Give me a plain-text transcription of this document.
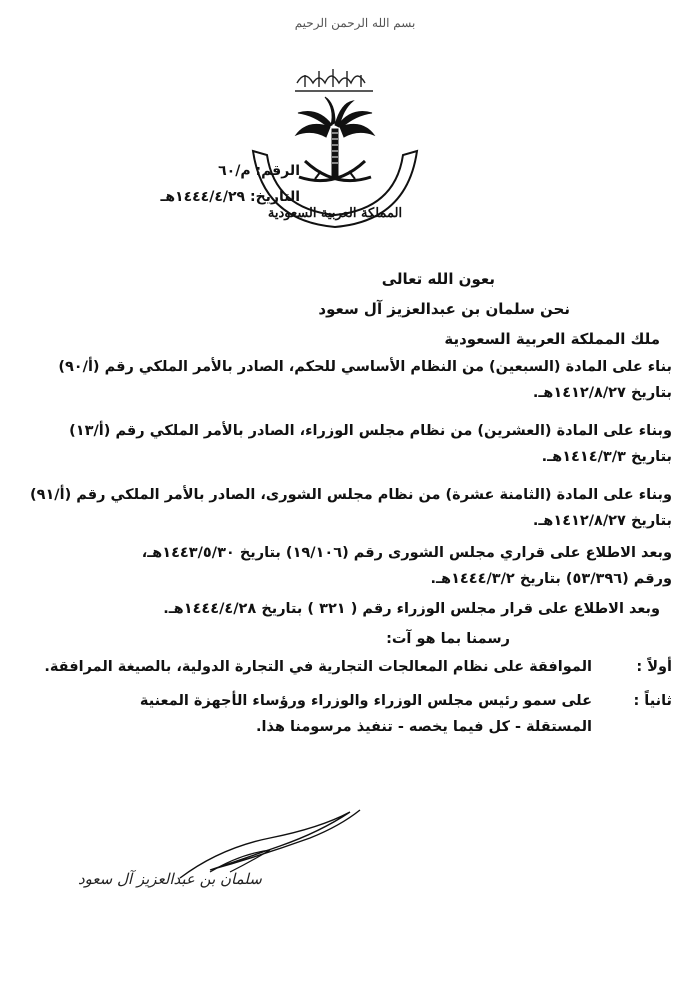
بسم الله الرحمن الرحيم
المملكة العربية السعودية
الرقم: م/٦٠
التاريخ: ١٤٤٤/٤/٢٩هـ
بعون الله تعالى
نحن سلمان بن عبدالعزيز آل سعود
ملك المملكة العربية السعودية
بناء على المادة (السبعين) من النظام الأساسي للحكم، الصادر بالأمر الملكي رقم (أ/٩٠)
بتاريخ ١٤١٢/٨/٢٧هـ.
وبناء على المادة (العشرين) من نظام مجلس الوزراء، الصادر بالأمر الملكي رقم (أ/١٣)
بتاريخ ١٤١٤/٣/٣هـ.
وبناء على المادة (الثامنة عشرة) من نظام مجلس الشورى، الصادر بالأمر الملكي رقم (أ/٩١)
بتاريخ ١٤١٢/٨/٢٧هـ.
وبعد الاطلاع على قراري مجلس الشورى رقم (١٩/١٠٦) بتاريخ ١٤٤٣/٥/٣٠هـ،
ورقم (٥٣/٣٩٦) بتاريخ ١٤٤٤/٣/٢هـ.
وبعد الاطلاع على قرار مجلس الوزراء رقم ( ٣٢١ ) بتاريخ ١٤٤٤/٤/٢٨هـ.
رسمنا بما هو آت:
أولاً :
الموافقة على نظام المعالجات التجارية في التجارة الدولية، بالصيغة المرافقة.
ثانياً :
على سمو رئيس مجلس الوزراء والوزراء ورؤساء الأجهزة المعنية
المستقلة - كل فيما يخصه - تنفيذ مرسومنا هذا.
سلمان بن عبدالعزيز آل سعود
